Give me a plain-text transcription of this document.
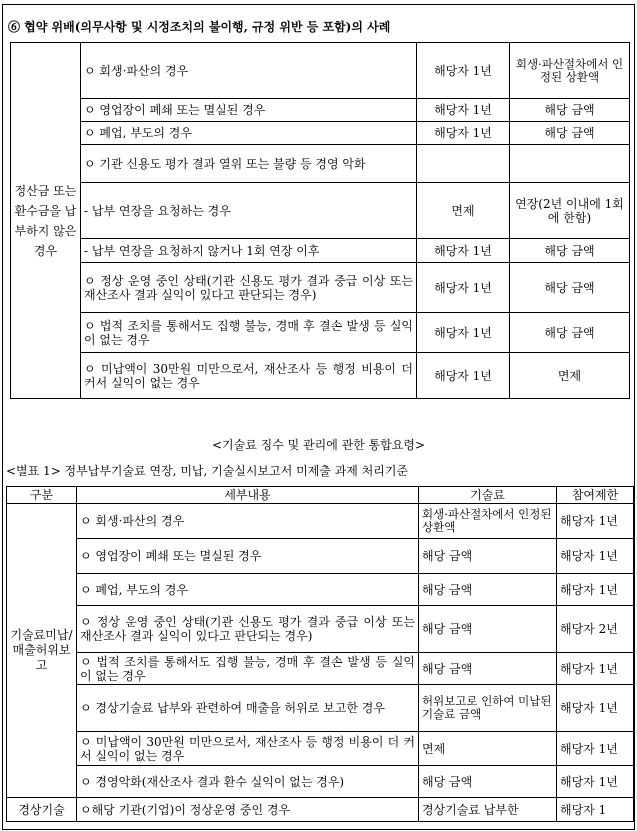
⑥ 협약 위배(의무사항 및 시정조치의 불이행, 규정 위반 등 포함)의 사례
정산금 또는 환수금을 납부하지 않은 경우	ㅇ 회생·파산의 경우	해당자 1년	회생·파산절차에서 인정된 상환액
	ㅇ 영업장이 폐쇄 또는 멸실된 경우	해당자 1년	해당 금액
	ㅇ 폐업, 부도의 경우	해당자 1년	해당 금액
	ㅇ 기관 신용도 평가 결과 열위 또는 불량 등 경영 악화		
	- 납부 연장을 요청하는 경우	면제	연장(2년 이내에 1회에 한함)
	- 납부 연장을 요청하지 않거나 1회 연장 이후	해당자 1년	해당 금액
	ㅇ 정상 운영 중인 상태(기관 신용도 평가 결과 중급 이상 또는 재산조사 결과 실익이 있다고 판단되는 경우)	해당자 1년	해당 금액
	ㅇ 법적 조치를 통해서도 집행 불능, 경매 후 결손 발생 등 실익이 없는 경우	해당자 1년	해당 금액
	ㅇ 미납액이 30만원 미만으로서, 재산조사 등 행정 비용이 더 커서 실익이 없는 경우	해당자 1년	면제
<기술료 징수 및 관리에 관한 통합요령>
<별표 1> 정부납부기술료 연장, 미납, 기술실시보고서 미제출 과제 처리기준
구분	세부내용	기술료	참여제한
기술료미납/매출허위보고	ㅇ 회생·파산의 경우	회생·파산절차에서 인정된 상환액	해당자 1년
	ㅇ 영업장이 폐쇄 또는 멸실된 경우	해당 금액	해당자 1년
	ㅇ 폐업, 부도의 경우	해당 금액	해당자 1년
	ㅇ 정상 운영 중인 상태(기관 신용도 평가 결과 중급 이상 또는 재산조사 결과 실익이 있다고 판단되는 경우)	해당 금액	해당자 2년
	ㅇ 법적 조치를 통해서도 집행 불능, 경매 후 결손 발생 등 실익이 없는 경우	해당 금액	해당자 1년
	ㅇ 경상기술료 납부와 관련하여 매출을 허위로 보고한 경우	허위보고로 인하여 미납된 기술료 금액	해당자 1년
	ㅇ 미납액이 30만원 미만으로서, 재산조사 등 행정 비용이 더 커서 실익이 없는 경우	면제	해당자 1년
	ㅇ 경영악화(재산조사 결과 환수 실익이 없는 경우)	해당 금액	해당자 1년
경상기술	ㅇ해당 기관(기업)이 정상운영 중인 경우	경상기술료 납부한	해당자 1
